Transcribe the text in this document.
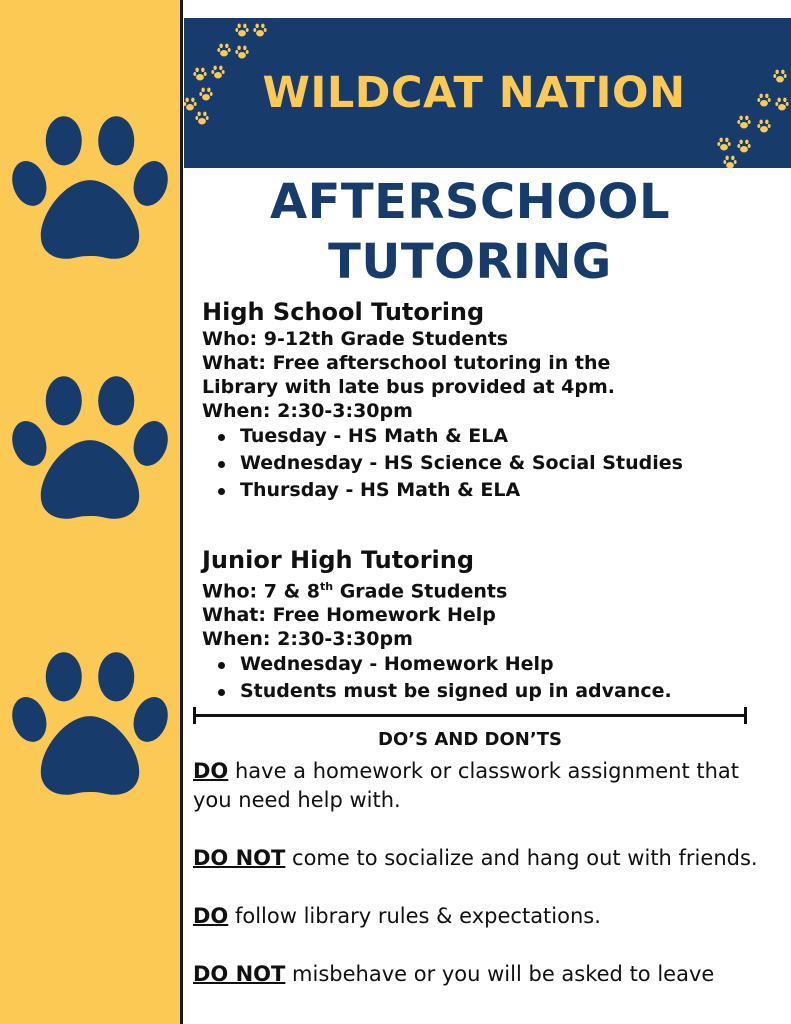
WILDCAT NATION
AFTERSCHOOL
TUTORING
High School Tutoring

Who: 9-12th Grade Students

What: Free afterschool tutoring in the

Library with late bus provided at 4pm.

When: 2:30-3:30pm

Tuesday - HS Math & ELA
Wednesday - HS Science & Social Studies
Thursday - HS Math & ELA
Junior High Tutoring

Who: 7 & 8th Grade Students

What: Free Homework Help

When: 2:30-3:30pm

Wednesday - Homework Help
Students must be signed up in advance.
DO’S AND DON’TS

DO have a homework or classwork assignment that you need help with.

DO NOT come to socialize and hang out with friends.

DO follow library rules & expectations.

DO NOT misbehave or you will be asked to leave
